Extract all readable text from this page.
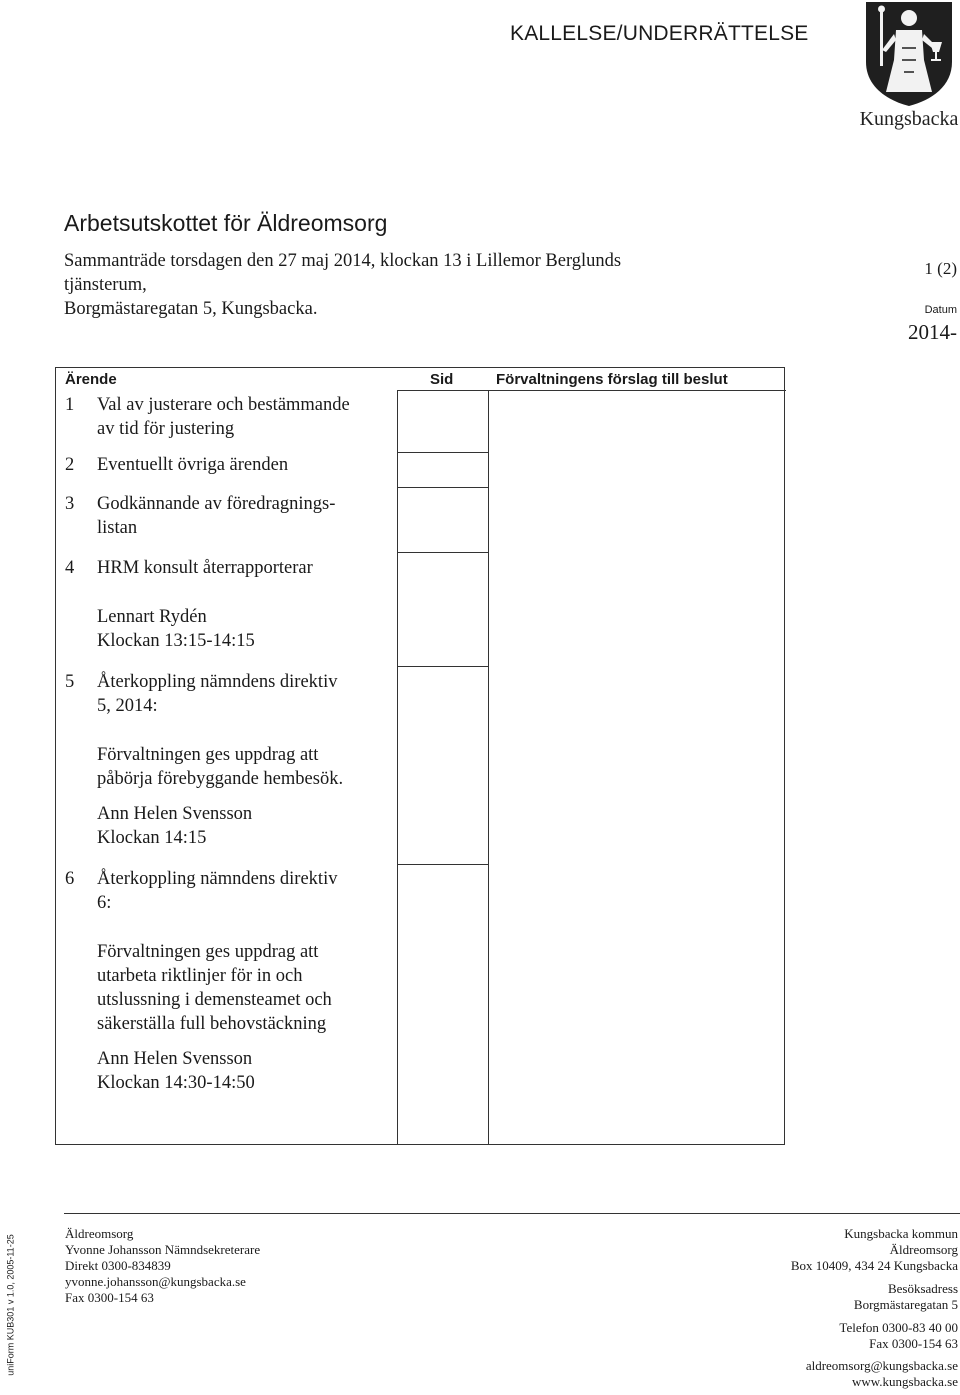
KALLELSE/UNDERRÄTTELSE
Kungsbacka
Arbetsutskottet för Äldreomsorg
Sammanträde torsdagen den 27 maj 2014, klockan 13 i Lillemor Berglunds
tjänsterum,
Borgmästaregatan 5, Kungsbacka.
1 (2)
Datum
2014-
Ärende	Sid	Förvaltningens förslag till beslut
1 Val av justerare och bestämmande
av tid för justering
2 Eventuellt övriga ärenden
3 Godkännande av föredragnings-
listan
4 HRM konsult återrapporterar
Lennart Rydén
Klockan 13:15-14:15
5 Återkoppling nämndens direktiv
5, 2014:
Förvaltningen ges uppdrag att
påbörja förebyggande hembesök.
Ann Helen Svensson
Klockan 14:15
6 Återkoppling nämndens direktiv
6:
Förvaltningen ges uppdrag att
utarbeta riktlinjer för in och
utslussning i demensteamet och
säkerställa full behovstäckning
Ann Helen Svensson
Klockan 14:30-14:50
Äldreomsorg
Yvonne Johansson Nämndsekreterare
Direkt 0300-834839
yvonne.johansson@kungsbacka.se
Fax 0300-154 63
Kungsbacka kommun
Äldreomsorg
Box 10409, 434 24 Kungsbacka
Besöksadress
Borgmästaregatan 5
Telefon 0300-83 40 00
Fax 0300-154 63
aldreomsorg@kungsbacka.se
www.kungsbacka.se
uniForm KUB301 v 1.0, 2005-11-25
